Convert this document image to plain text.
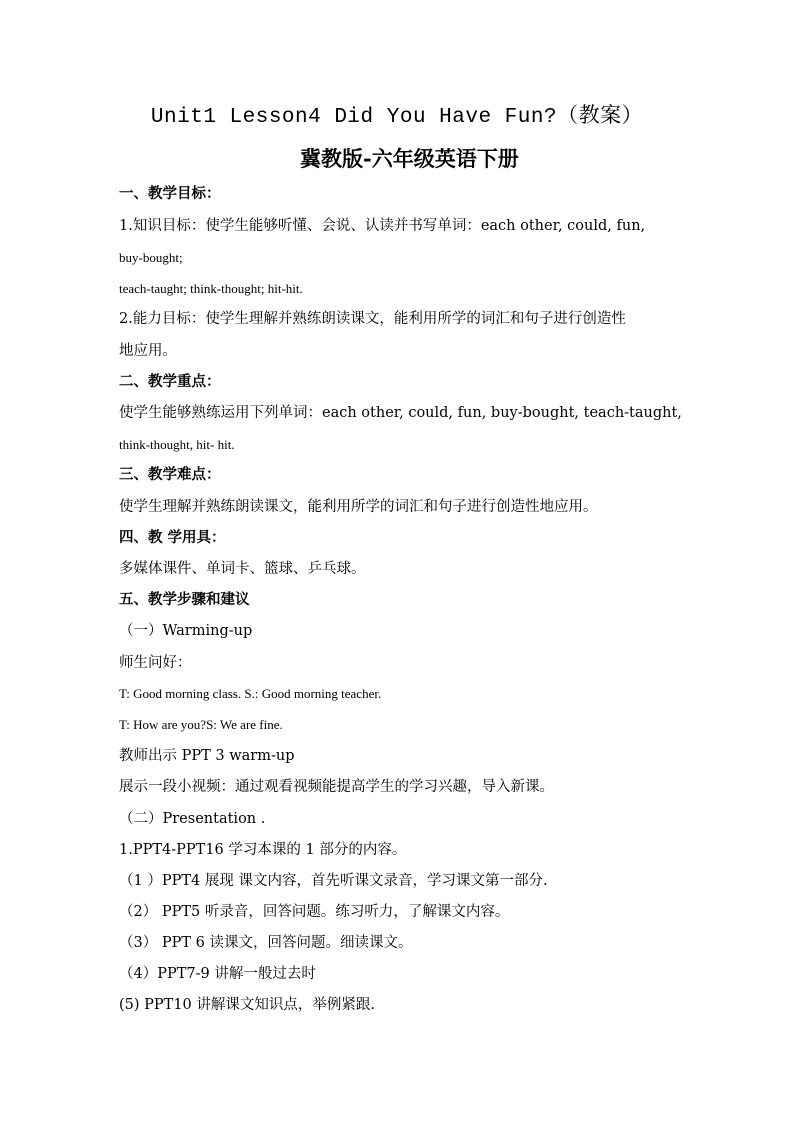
Unit1 Lesson4 Did You Have Fun?（教案）
冀教版-六年级英语下册
一、教学目标：
1.知识目标：使学生能够听懂、会说、认读并书写单词：each other, could, fun,
buy-bought;
teach-taught; think-thought; hit-hit.
2.能力目标：使学生理解并熟练朗读课文，能利用所学的词汇和句子进行创造性
地应用。
二、教学重点：
使学生能够熟练运用下列单词：each other, could, fun, buy-bought, teach-taught,
think-thought, hit- hit.
三、教学难点：
使学生理解并熟练朗读课文，能利用所学的词汇和句子进行创造性地应用。
四、教 学用具：
多媒体课件、单词卡、篮球、乒乓球。
五、教学步骤和建议
（一）Warming-up
师生问好：
T: Good morning class. S.: Good morning teacher.
T: How are you?S: We are fine.
教师出示 PPT 3 warm-up
展示一段小视频：通过观看视频能提高学生的学习兴趣，导入新课。
（二）Presentation .
1.PPT4-PPT16 学习本课的 1 部分的内容。
（1 ）PPT4 展现 课文内容，首先听课文录音，学习课文第一部分.
（2） PPT5 听录音，回答问题。练习听力，了解课文内容。
（3） PPT 6 读课文，回答问题。细读课文。
（4）PPT7-9 讲解一般过去时
(5) PPT10 讲解课文知识点，举例紧跟.
